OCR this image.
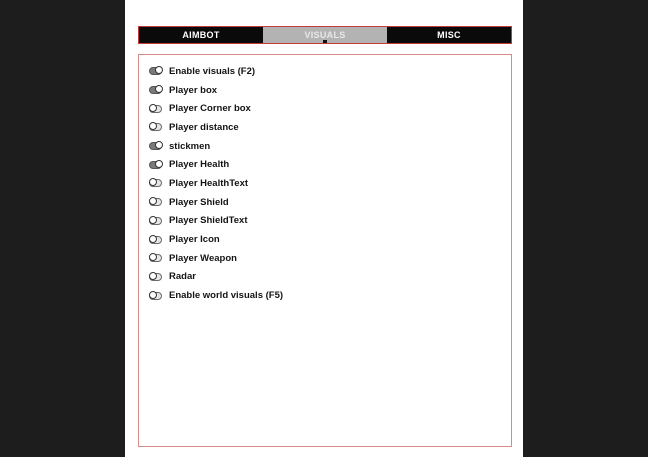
AIMBOT	VISUALS	MISC
Enable visuals (F2)
Player box
Player Corner box
Player distance
stickmen
Player Health
Player HealthText
Player Shield
Player ShieldText
Player Icon
Player Weapon
Radar
Enable world visuals (F5)
